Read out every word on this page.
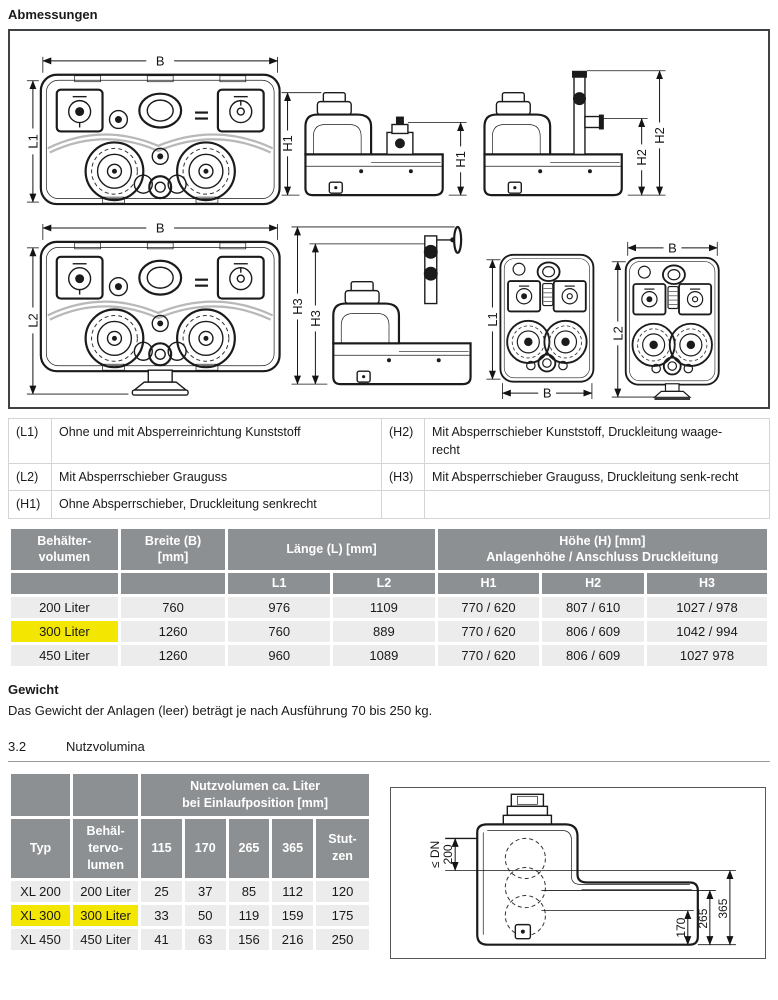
Abmessungen
B
L1	H1
H1	H2
H2
B
L2
H3
H3	L1
B
B
L2
(L1)	Ohne und mit Absperreinrichtung Kunststoff	(H2)	Mit Absperrschieber Kunststoff, Druckleitung waage-recht

(L2)	Mit Absperrschieber Grauguss	(H3)	Mit Absperrschieber Grauguss, Druckleitung senk-recht

(H1)	Ohne Absperrschieber, Druckleitung senkrecht		

Behälter-volumen	Breite (B) [mm]	Länge (L) [mm]		Höhe (H) [mm]
Anlagenhöhe / Anschluss Druckleitung		

		L1	L2	H1	H2	H3
200 Liter	760	976	1109	770 / 620	807 / 610	1027 / 978
300 Liter	1260	760	889	770 / 620	806 / 609	1042 / 994
450 Liter	1260	960	1089	770 / 620	806 / 609	1027 978
Gewicht

Das Gewicht der Anlagen (leer) beträgt je nach Ausführung 70 bis 250 kg.

3.2	Nutzvolumina

		Nutzvolumen ca. Liter
bei Einlaufposition [mm]				

Typ	Behäl-tervo-lumen	115	170	265	365	Stut-zen
XL 200	200 Liter	25	37	85	112	120
XL 300	300 Liter	33	50	119	159	175
XL 450	450 Liter	41	63	156	216	250
≤ DN 200
170 265 365
